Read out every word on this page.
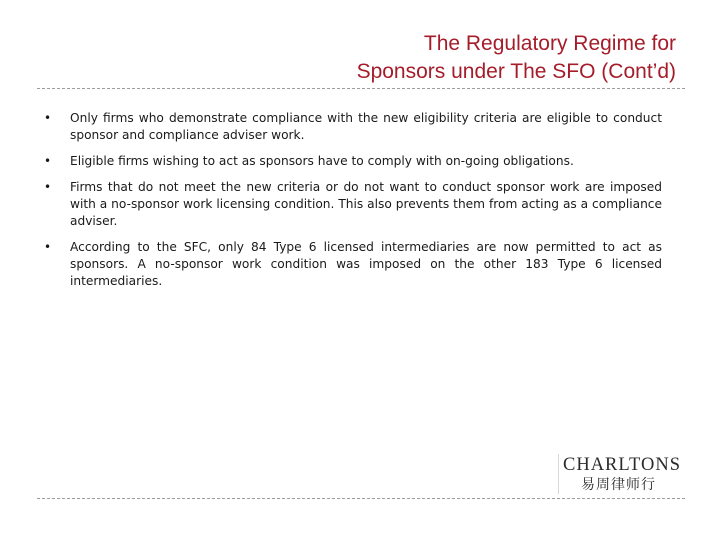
The Regulatory Regime for
Sponsors under The SFO (Cont’d)
• Only firms who demonstrate compliance with the new eligibility criteria are eligible to conduct sponsor and compliance adviser work.
• Eligible firms wishing to act as sponsors have to comply with on-going obligations.
• Firms that do not meet the new criteria or do not want to conduct sponsor work are imposed with a no-sponsor work licensing condition. This also prevents them from acting as a compliance adviser.
• According to the SFC, only 84 Type 6 licensed intermediaries are now permitted to act as sponsors. A no-sponsor work condition was imposed on the other 183 Type 6 licensed intermediaries.
CHARLTONS
易周律师行
